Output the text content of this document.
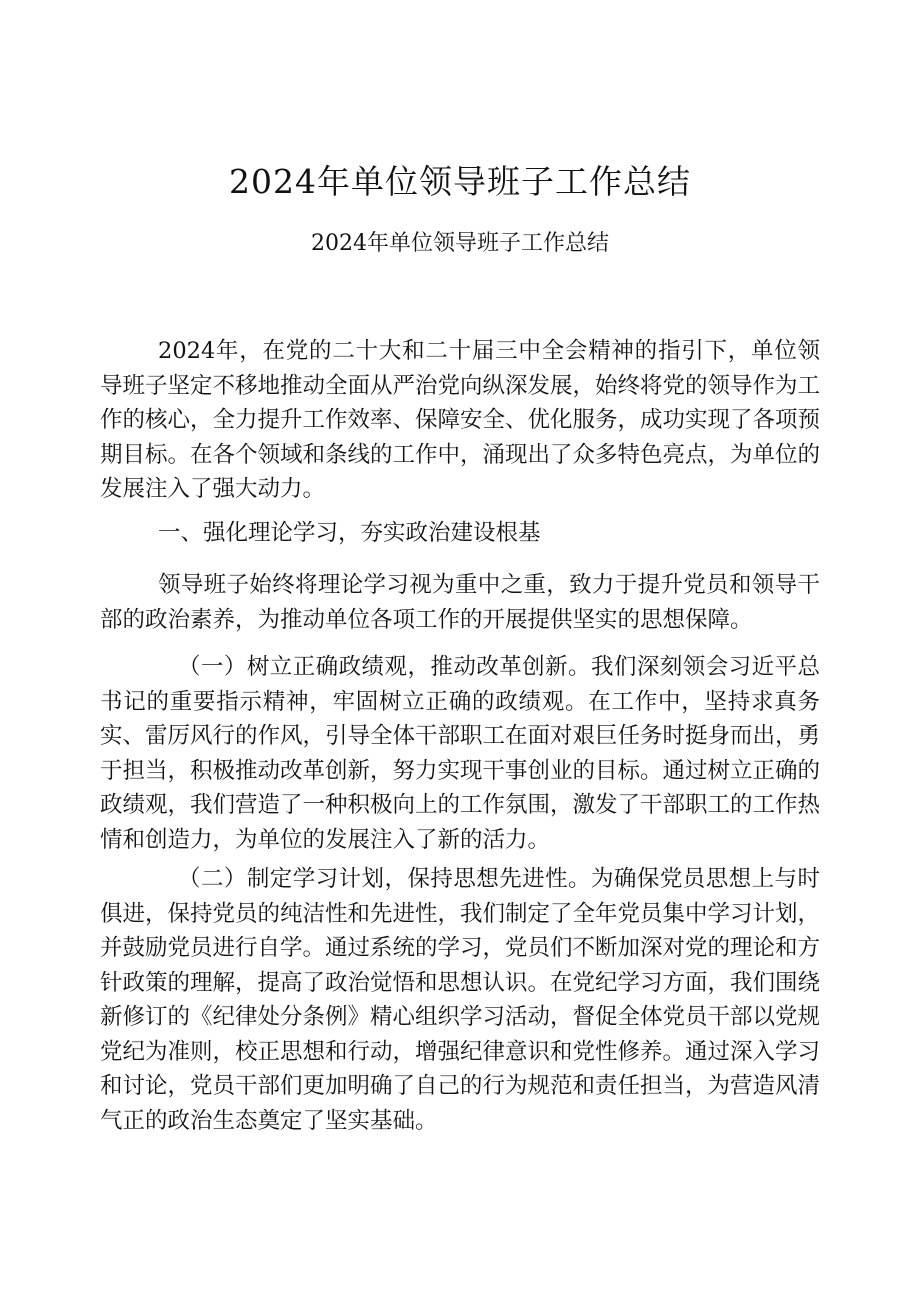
2024年单位领导班子工作总结
2024年单位领导班子工作总结

2024年，在党的二十大和二十届三中全会精神的指引下，单位领导班子坚定不移地推动全面从严治党向纵深发展，始终将党的领导作为工作的核心，全力提升工作效率、保障安全、优化服务，成功实现了各项预期目标。在各个领域和条线的工作中，涌现出了众多特色亮点，为单位的发展注入了强大动力。

一、强化理论学习，夯实政治建设根基

领导班子始终将理论学习视为重中之重，致力于提升党员和领导干部的政治素养，为推动单位各项工作的开展提供坚实的思想保障。

（一）树立正确政绩观，推动改革创新。我们深刻领会习近平总书记的重要指示精神，牢固树立正确的政绩观。在工作中，坚持求真务实、雷厉风行的作风，引导全体干部职工在面对艰巨任务时挺身而出，勇于担当，积极推动改革创新，努力实现干事创业的目标。通过树立正确的政绩观，我们营造了一种积极向上的工作氛围，激发了干部职工的工作热情和创造力，为单位的发展注入了新的活力。

（二）制定学习计划，保持思想先进性。为确保党员思想上与时俱进，保持党员的纯洁性和先进性，我们制定了全年党员集中学习计划，并鼓励党员进行自学。通过系统的学习，党员们不断加深对党的理论和方针政策的理解，提高了政治觉悟和思想认识。在党纪学习方面，我们围绕新修订的《纪律处分条例》精心组织学习活动，督促全体党员干部以党规党纪为准则，校正思想和行动，增强纪律意识和党性修养。通过深入学习和讨论，党员干部们更加明确了自己的行为规范和责任担当，为营造风清气正的政治生态奠定了坚实基础。
